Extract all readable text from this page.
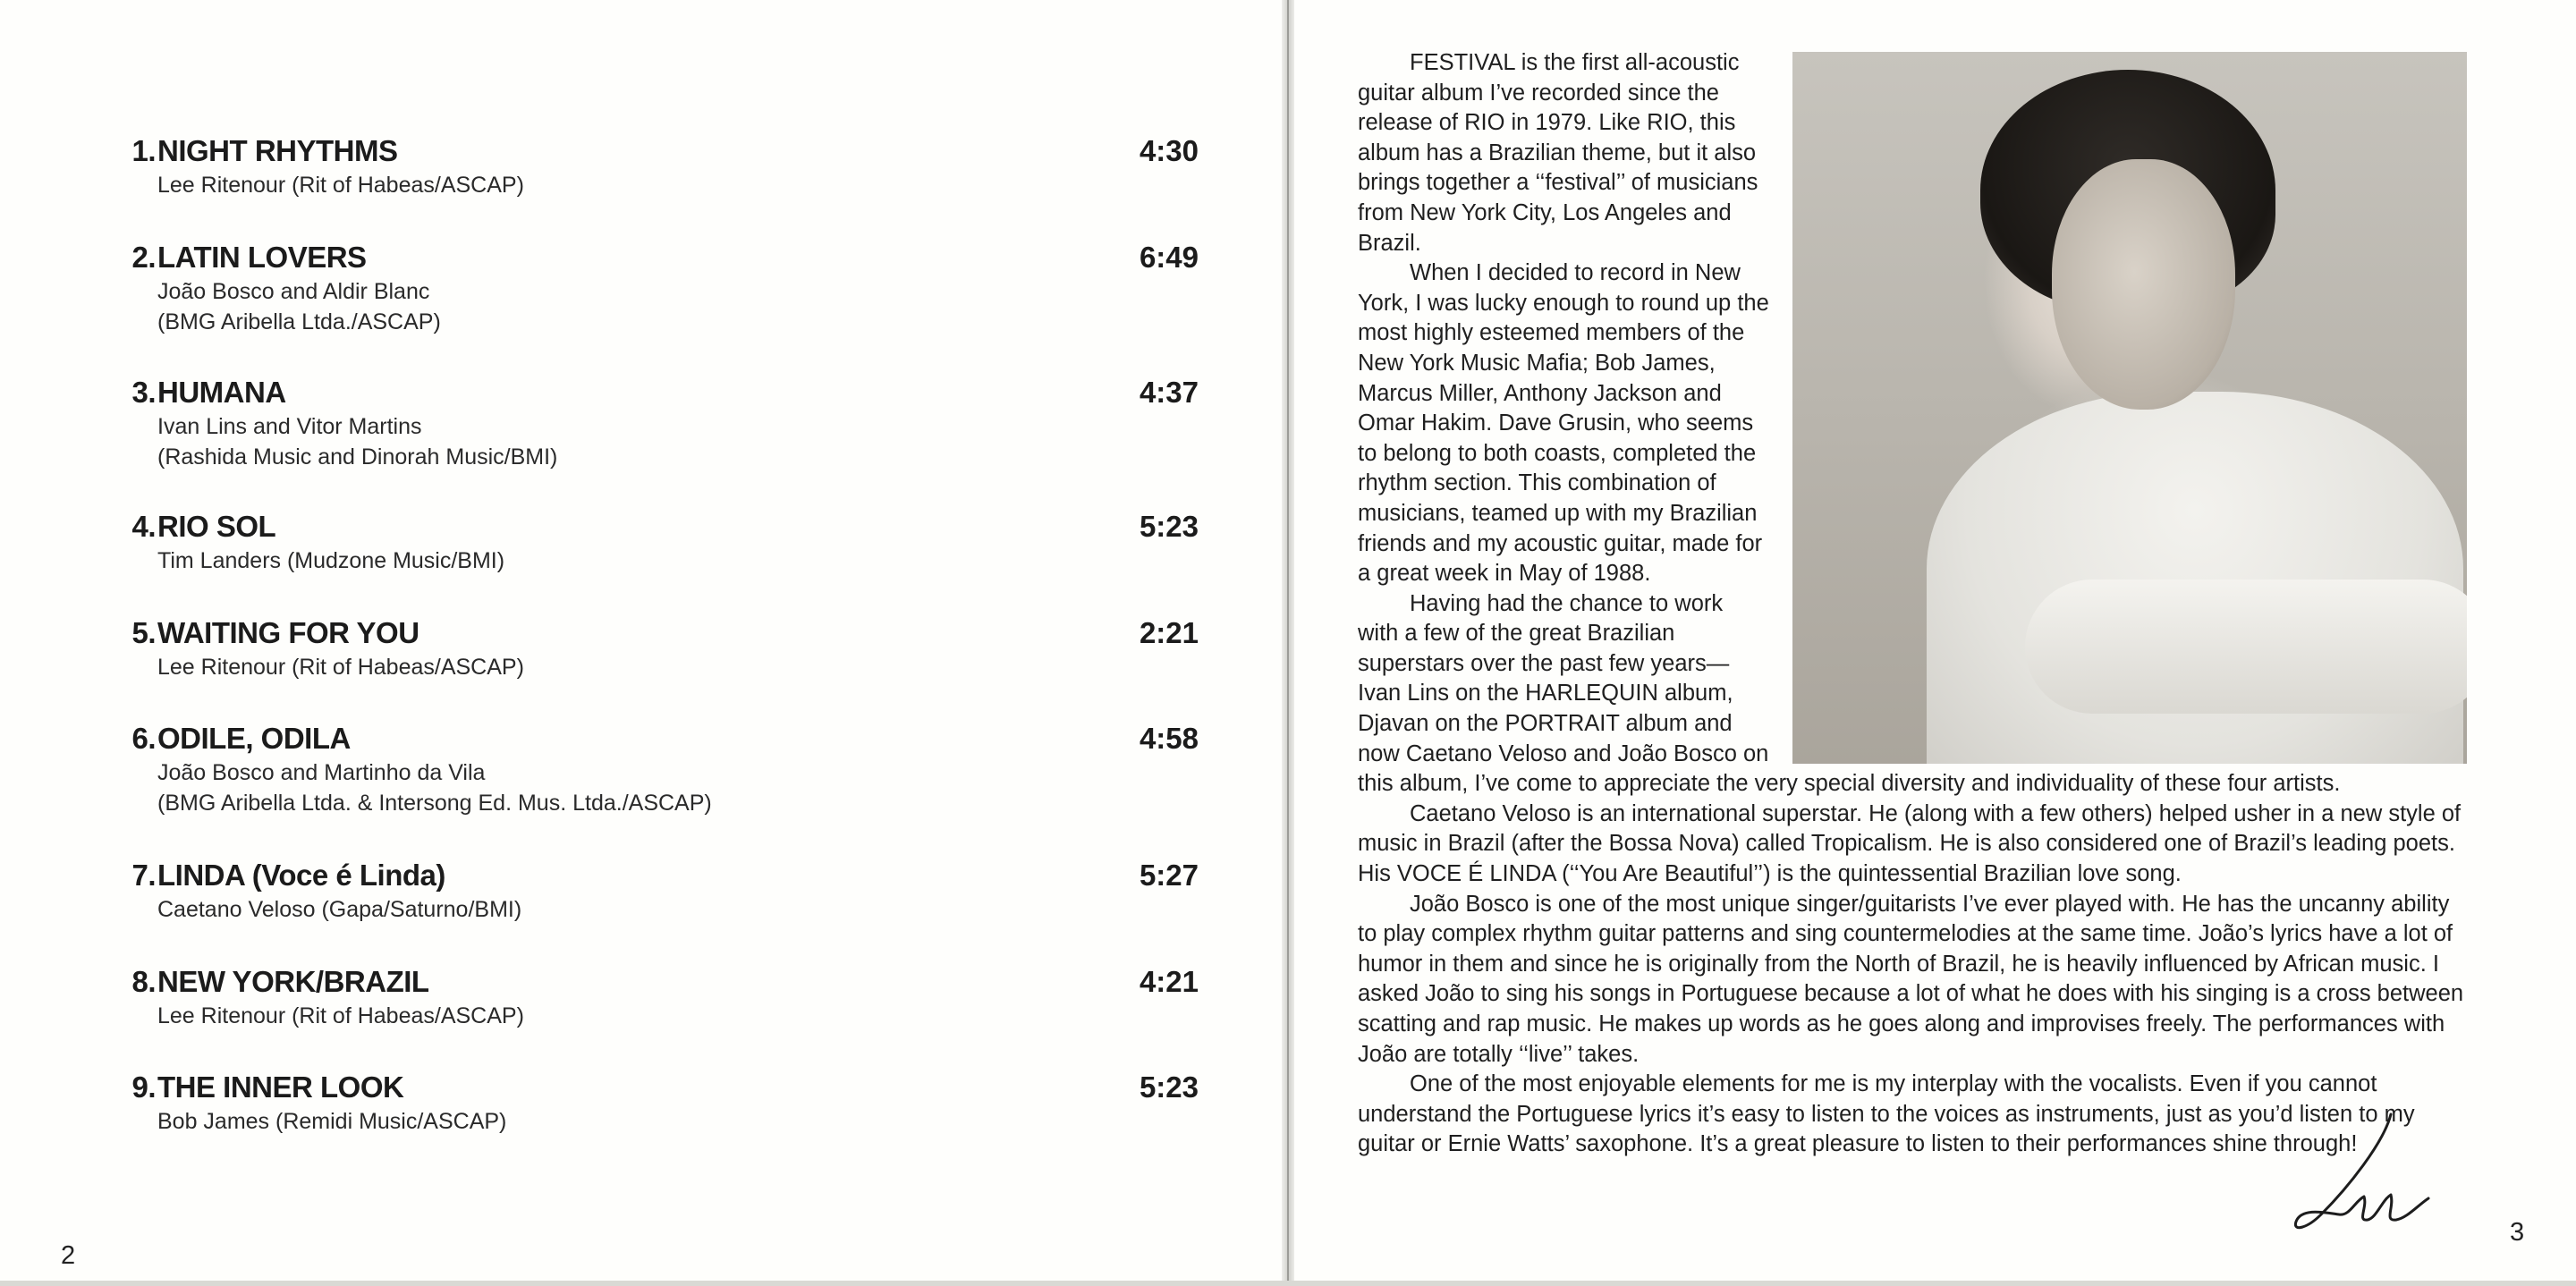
1. NIGHT RHYTHMS	4:30
Lee Ritenour (Rit of Habeas/ASCAP)
2. LATIN LOVERS	6:49
João Bosco and Aldir Blanc
(BMG Aribella Ltda./ASCAP)
3. HUMANA	4:37
Ivan Lins and Vitor Martins
(Rashida Music and Dinorah Music/BMI)
4. RIO SOL	5:23
Tim Landers (Mudzone Music/BMI)
5. WAITING FOR YOU	2:21
Lee Ritenour (Rit of Habeas/ASCAP)
6. ODILE, ODILA	4:58
João Bosco and Martinho da Vila
(BMG Aribella Ltda. & Intersong Ed. Mus. Ltda./ASCAP)
7. LINDA (Voce é Linda)	5:27
Caetano Veloso (Gapa/Saturno/BMI)
8. NEW YORK/BRAZIL	4:21
Lee Ritenour (Rit of Habeas/ASCAP)
9. THE INNER LOOK	5:23
Bob James (Remidi Music/ASCAP)
2

FESTIVAL is the first all-acoustic guitar album I’ve recorded since the release of RIO in 1979. Like RIO, this album has a Brazilian theme, but it also brings together a ‘‘festival’’ of musicians from New York City, Los Angeles and Brazil.

When I decided to record in New York, I was lucky enough to round up the most highly esteemed members of the New York Music Mafia; Bob James, Marcus Miller, Anthony Jackson and Omar Hakim. Dave Grusin, who seems to belong to both coasts, completed the rhythm section. This combination of musicians, teamed up with my Brazilian friends and my acoustic guitar, made for a great week in May of 1988.

Having had the chance to work with a few of the great Brazilian superstars over the past few years—Ivan Lins on the HARLEQUIN album, Djavan on the PORTRAIT album and now Caetano Veloso and João Bosco on this album, I’ve come to appreciate the very special diversity and individuality of these four artists.

Caetano Veloso is an international superstar. He (along with a few others) helped usher in a new style of music in Brazil (after the Bossa Nova) called Tropicalism. He is also considered one of Brazil’s leading poets. His VOCE É LINDA (‘‘You Are Beautiful’’) is the quintessential Brazilian love song.

João Bosco is one of the most unique singer/guitarists I’ve ever played with. He has the uncanny ability to play complex rhythm guitar patterns and sing countermelodies at the same time. João’s lyrics have a lot of humor in them and since he is originally from the North of Brazil, he is heavily influenced by African music. I asked João to sing his songs in Portuguese because a lot of what he does with his singing is a cross between scatting and rap music. He makes up words as he goes along and improvises freely. The performances with João are totally ‘‘live’’ takes.

One of the most enjoyable elements for me is my interplay with the vocalists. Even if you cannot understand the Portuguese lyrics it’s easy to listen to the voices as instruments, just as you’d listen to my guitar or Ernie Watts’ saxophone. It’s a great pleasure to listen to their performances shine through!

3
